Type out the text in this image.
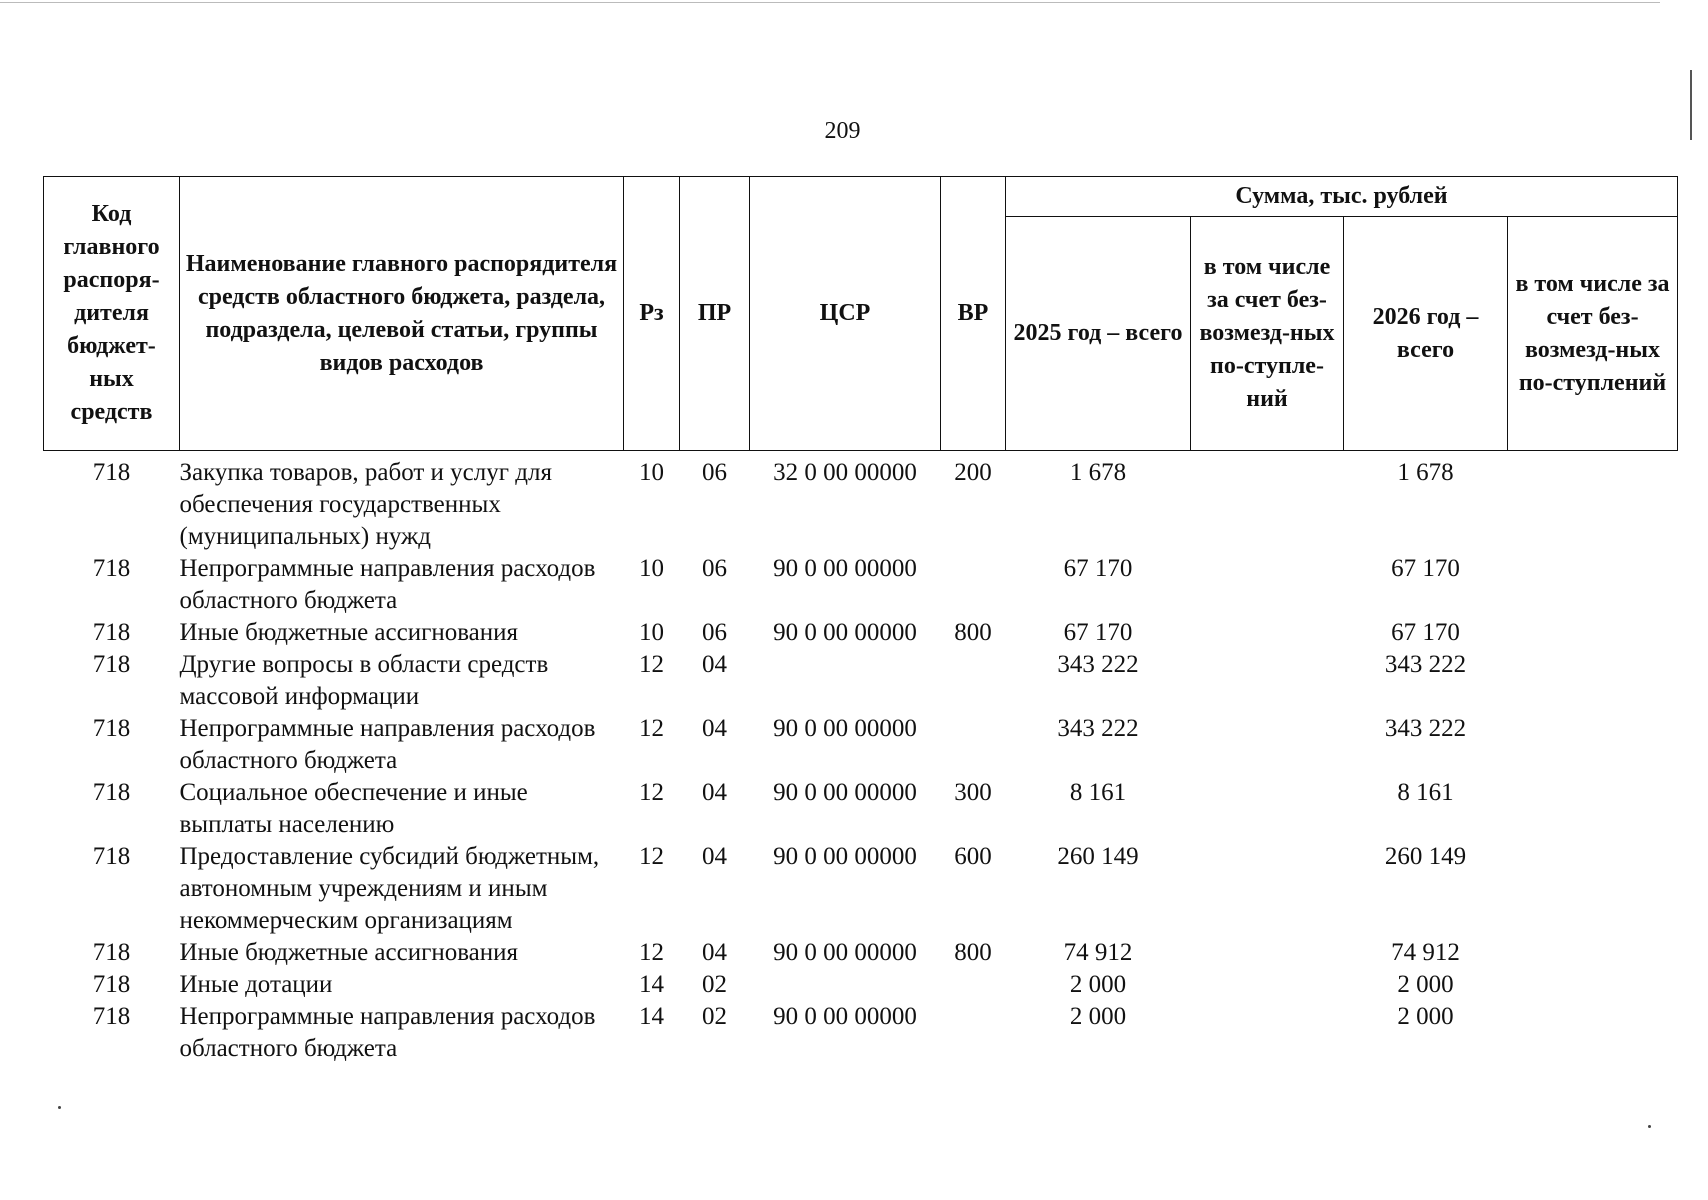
209
Код главного распоря-дителя бюджет-ных средств	Наименование главного распорядителя средств областного бюджета, раздела, подраздела, целевой статьи, группы видов расходов	Рз	ПР	ЦСР	ВР	Сумма, тыс. рублей			
						2025 год – всего	в том числе за счет без-возмезд-ных по-ступле-ний	2026 год – всего	в том числе за счет без-возмезд-ных по-ступлений
718	Закупка товаров, работ и услуг для обеспечения государственных (муниципальных) нужд	10	06	32 0 00 00000	200	1 678		1 678	
718	Непрограммные направления расходов областного бюджета	10	06	90 0 00 00000		67 170		67 170	
718	Иные бюджетные ассигнования	10	06	90 0 00 00000	800	67 170		67 170	
718	Другие вопросы в области средств массовой информации	12	04			343 222		343 222	
718	Непрограммные направления расходов областного бюджета	12	04	90 0 00 00000		343 222		343 222	
718	Социальное обеспечение и иные выплаты населению	12	04	90 0 00 00000	300	8 161		8 161	
718	Предоставление субсидий бюджетным, автономным учреждениям и иным некоммерческим организациям	12	04	90 0 00 00000	600	260 149		260 149	
718	Иные бюджетные ассигнования	12	04	90 0 00 00000	800	74 912		74 912	
718	Иные дотации	14	02			2 000		2 000	
718	Непрограммные направления расходов областного бюджета	14	02	90 0 00 00000		2 000		2 000	
